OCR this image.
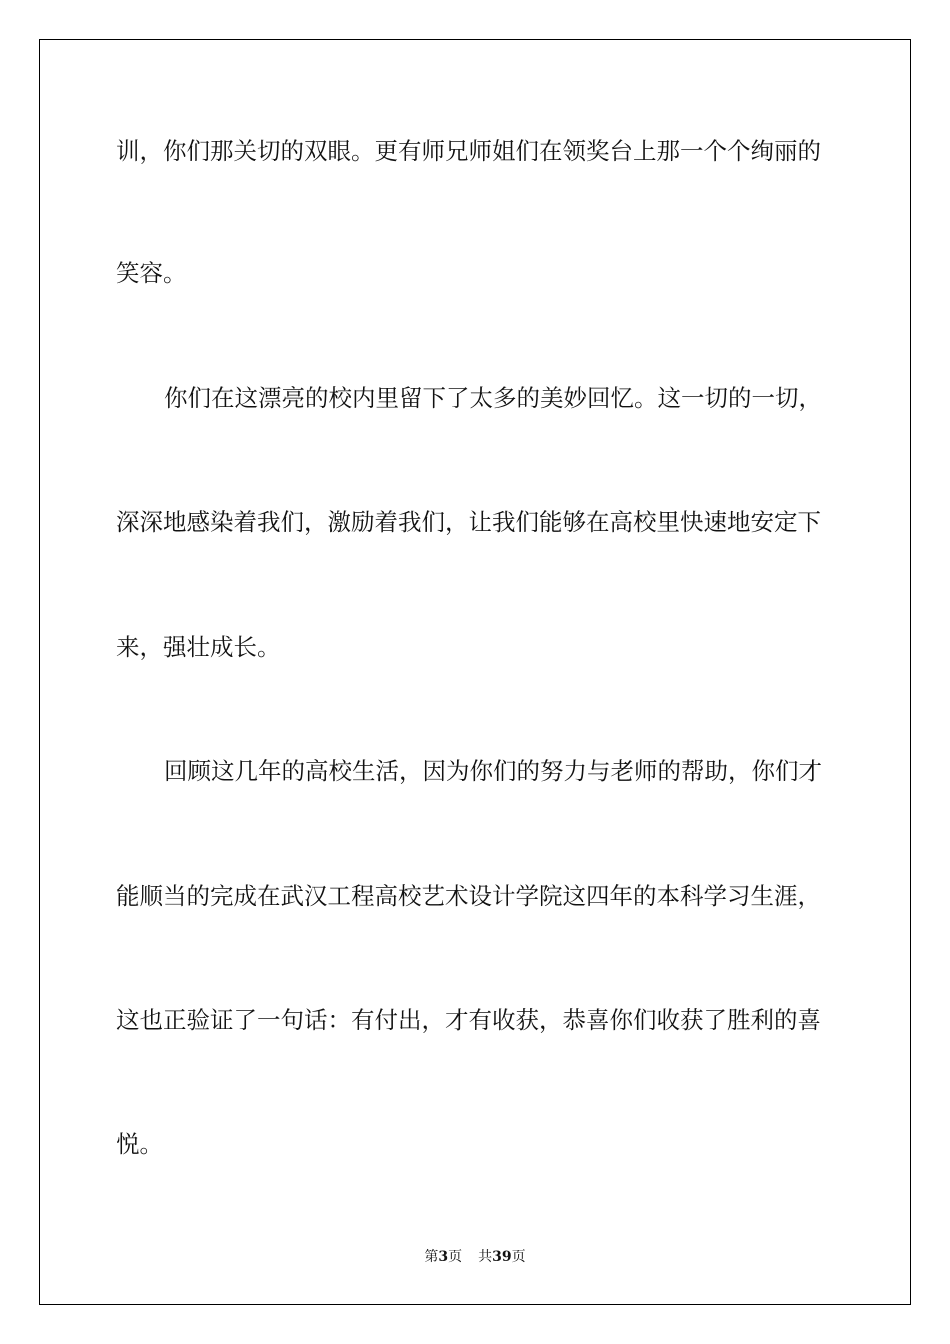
训，你们那关切的双眼。更有师兄师姐们在领奖台上那一个个绚丽的

笑容。

你们在这漂亮的校内里留下了太多的美妙回忆。这一切的一切，

深深地感染着我们，激励着我们，让我们能够在高校里快速地安定下

来，强壮成长。

回顾这几年的高校生活，因为你们的努力与老师的帮助，你们才

能顺当的完成在武汉工程高校艺术设计学院这四年的本科学习生涯，

这也正验证了一句话：有付出，才有收获，恭喜你们收获了胜利的喜

悦。

第3页 共39页
